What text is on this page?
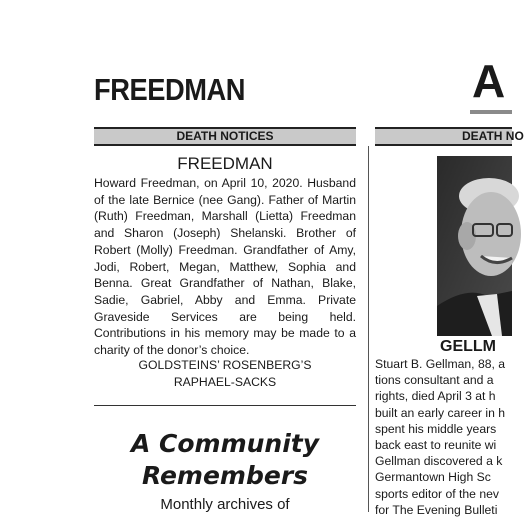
FREEDMAN	A
DEATH NOTICES	DEATH NO
FREEDMAN
Howard Freedman, on April 10, 2020. Husband of the late Bernice (nee Gang). Father of Martin (Ruth) Freedman, Marshall (Lietta) Freedman and Sharon (Joseph) Shelanski. Brother of Robert (Molly) Freedman. Grandfather of Amy, Jodi, Robert, Megan, Matthew, Sophia and Benna. Great Grandfather of Nathan, Blake, Sadie, Gabriel, Abby and Emma. Private Graveside Services are being held. Contributions in his memory may be made to a charity of the donor’s choice.
GOLDSTEINS’ ROSENBERG’S
RAPHAEL-SACKS
A Community
Remembers
Monthly archives of
GELLM
Stuart B. Gellman, 88, a
tions consultant and a
rights, died April 3 at h
built an early career in h
spent his middle years
back east to reunite wi
Gellman discovered a k
Germantown High Sc
sports editor of the nev
for The Evening Bulleti
